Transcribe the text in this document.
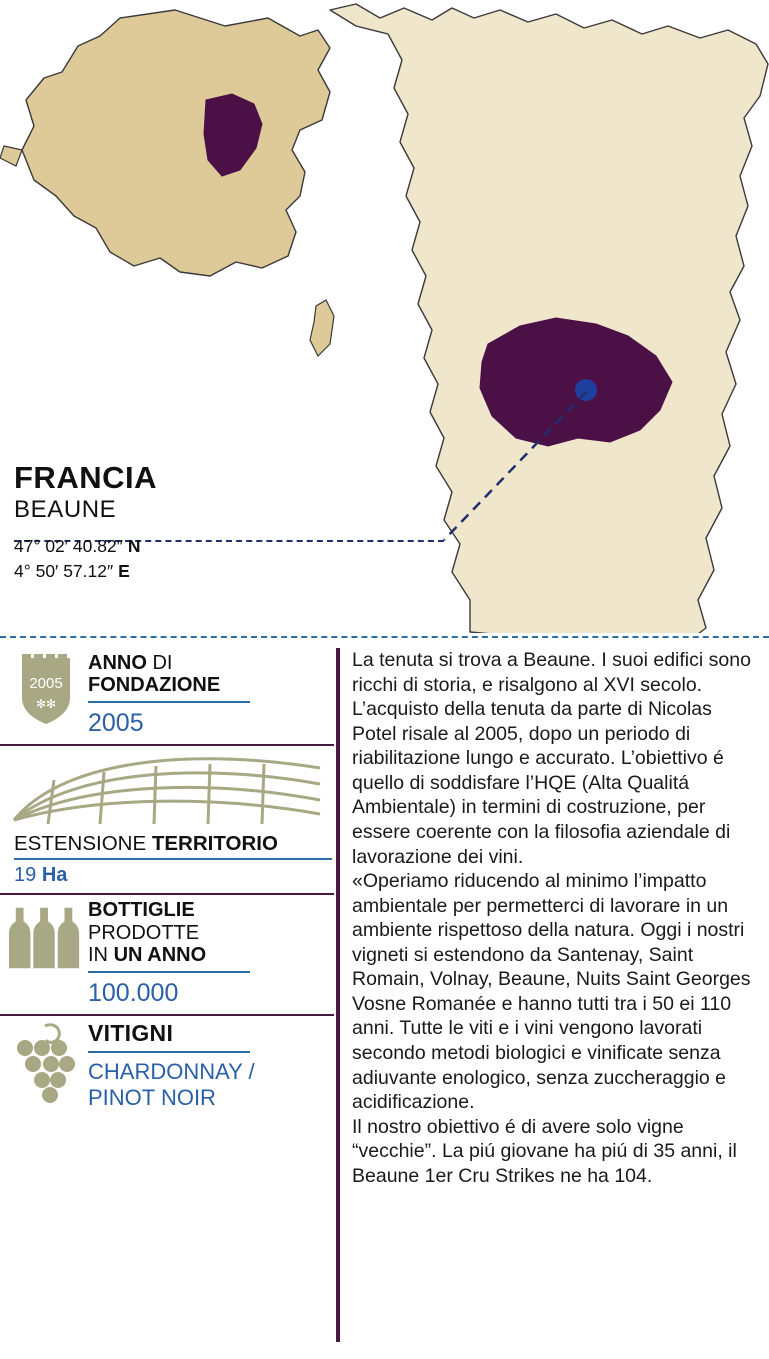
FRANCIA
BEAUNE
47° 02′ 40.82″ N
4° 50′ 57.12″ E
2005
✻✻
ANNO DI
FONDAZIONE
2005
ESTENSIONE TERRITORIO
19 Ha
BOTTIGLIE
PRODOTTE
IN UN ANNO
100.000
VITIGNI
CHARDONNAY / PINOT NOIR

La tenuta si trova a Beaune. I suoi edifici sono ricchi di storia, e risalgono al XVI secolo.

L’acquisto della tenuta da parte di Nicolas Potel risale al 2005, dopo un periodo di riabilitazione lungo e accurato. L’obiettivo é quello di soddisfare l’HQE (Alta Qualitá Ambientale) in termini di costruzione, per essere coerente con la filosofia aziendale di lavorazione dei vini.

«Operiamo riducendo al minimo l’impatto ambientale per permetterci di lavorare in un ambiente rispettoso della natura. Oggi i nostri vigneti si estendono da Santenay, Saint Romain, Volnay, Beaune, Nuits Saint Georges Vosne Romanée e hanno tutti tra i 50 ei 110 anni. Tutte le viti e i vini vengono lavorati secondo metodi biologici e vinificate senza adiuvante enologico, senza zuccheraggio e acidificazione.

Il nostro obiettivo é di avere solo vigne “vecchie”. La piú giovane ha piú di 35 anni, il Beaune 1er Cru Strikes ne ha 104.
